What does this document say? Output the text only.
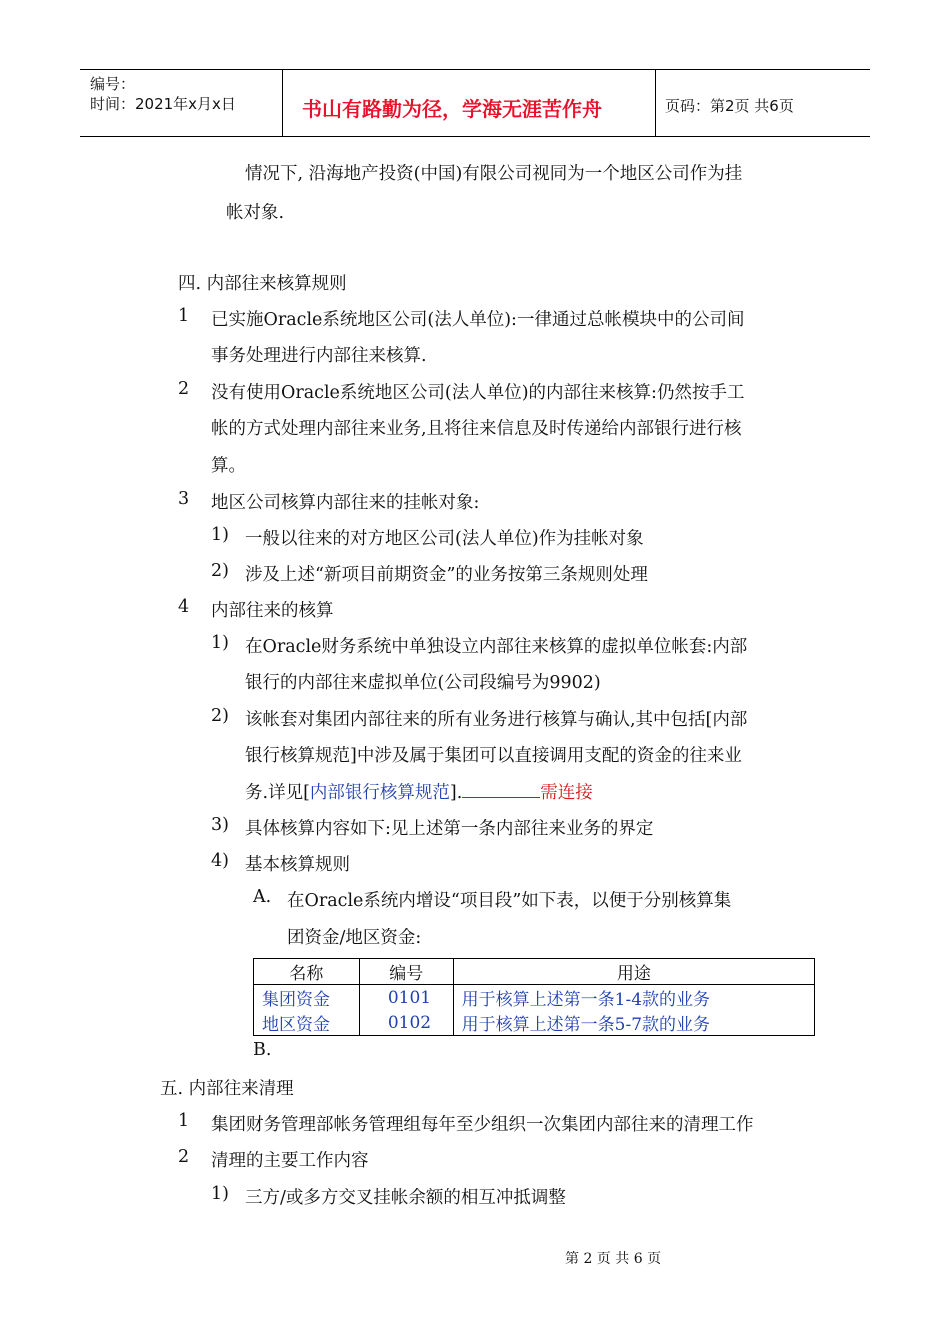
编号：
时间：2021年x月x日	书山有路勤为径，学海无涯苦作舟	页码：第2页 共6页
情况下, 沿海地产投资(中国)有限公司视同为一个地区公司作为挂
帐对象.
四. 内部往来核算规则
1 已实施Oracle系统地区公司(法人单位):一律通过总帐模块中的公司间
事务处理进行内部往来核算.
2 没有使用Oracle系统地区公司(法人单位)的内部往来核算:仍然按手工
帐的方式处理内部往来业务,且将往来信息及时传递给内部银行进行核
算。
3 地区公司核算内部往来的挂帐对象:
1) 一般以往来的对方地区公司(法人单位)作为挂帐对象
2) 涉及上述“新项目前期资金”的业务按第三条规则处理
4 内部往来的核算
1) 在Oracle财务系统中单独设立内部往来核算的虚拟单位帐套:内部
银行的内部往来虚拟单位(公司段编号为9902)
2) 该帐套对集团内部往来的所有业务进行核算与确认,其中包括[内部
银行核算规范]中涉及属于集团可以直接调用支配的资金的往来业
务.详见[内部银行核算规范].	需连接
3) 具体核算内容如下:见上述第一条内部往来业务的界定
4) 基本核算规则
A. 在Oracle系统内增设“项目段”如下表，以便于分别核算集
团资金/地区资金:
名称	编号	用途
集团资金	0101	用于核算上述第一条1-4款的业务
地区资金	0102	用于核算上述第一条5-7款的业务
B.
五. 内部往来清理
1 集团财务管理部帐务管理组每年至少组织一次集团内部往来的清理工作
2 清理的主要工作内容
1) 三方/或多方交叉挂帐余额的相互冲抵调整
第 2 页 共 6 页
